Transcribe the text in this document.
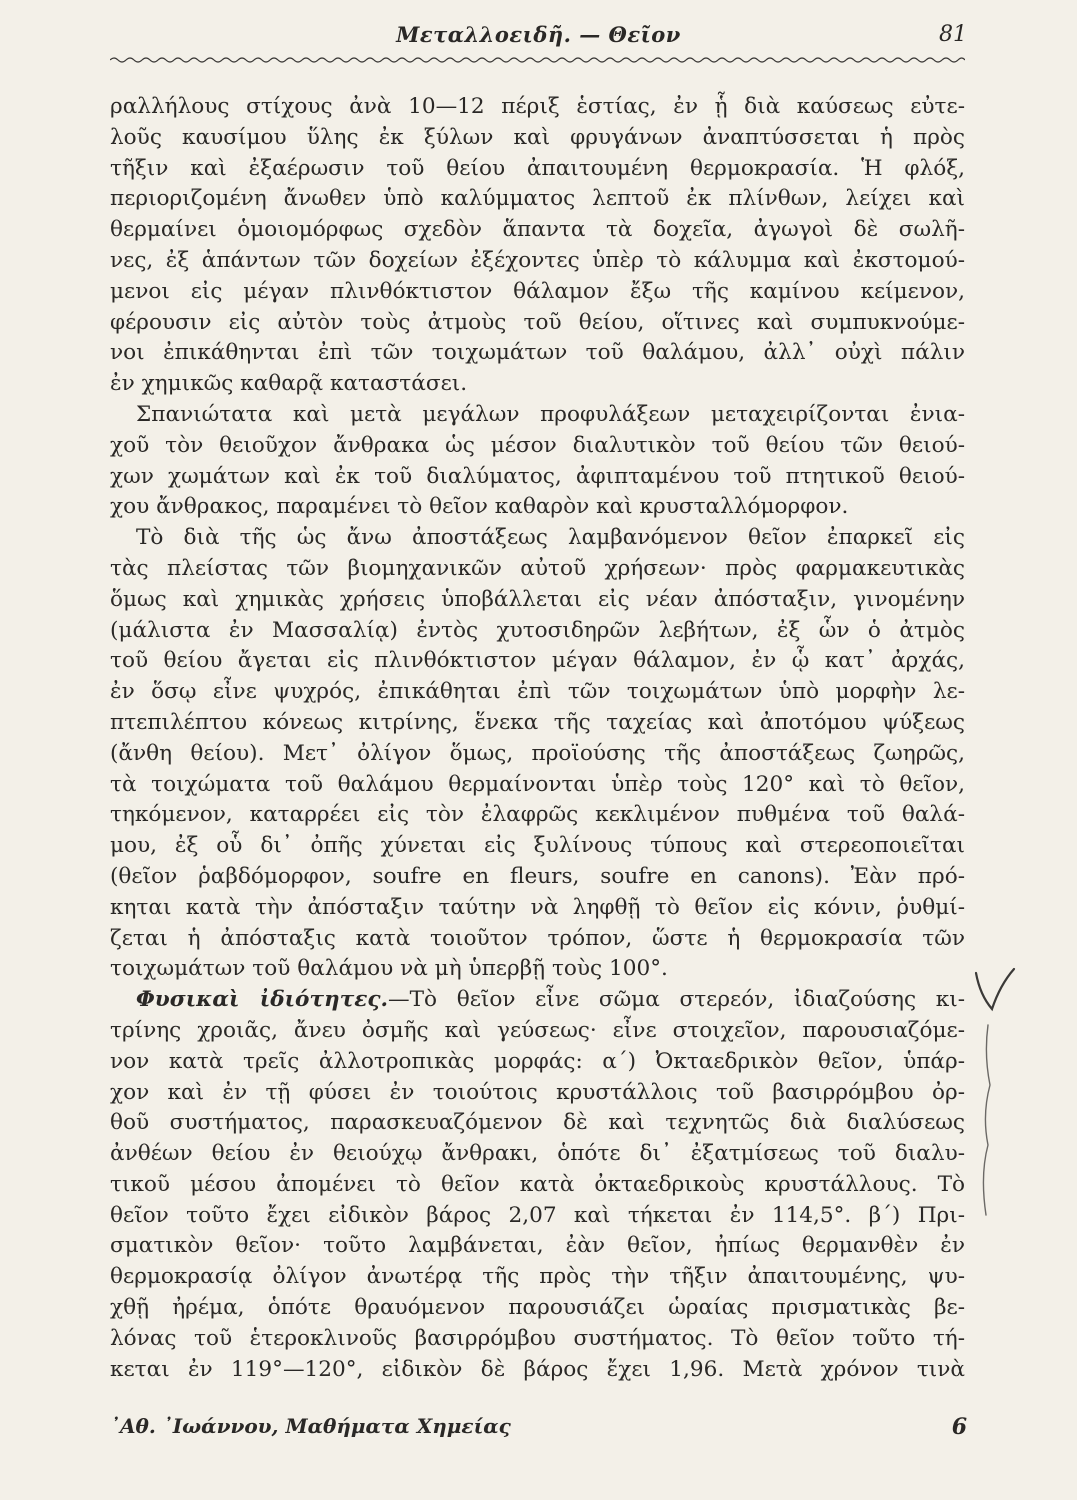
Μεταλλοειδῆ. — Θεῖον	81

ραλλήλους στίχους ἀνὰ 10—12 πέριξ ἑστίας, ἐν ᾗ διὰ καύσεως εὐτε-
λοῦς καυσίμου ὕλης ἐκ ξύλων καὶ φρυγάνων ἀναπτύσσεται ἡ πρὸς
τῆξιν καὶ ἐξαέρωσιν τοῦ θείου ἀπαιτουμένη θερμοκρασία. Ἡ φλόξ,
περιοριζομένη ἄνωθεν ὑπὸ καλύμματος λεπτοῦ ἐκ πλίνθων, λείχει καὶ
θερμαίνει ὁμοιομόρφως σχεδὸν ἅπαντα τὰ δοχεῖα, ἀγωγοὶ δὲ σωλῆ-
νες, ἐξ ἁπάντων τῶν δοχείων ἐξέχοντες ὑπὲρ τὸ κάλυμμα καὶ ἐκστομού-
μενοι εἰς μέγαν πλινθόκτιστον θάλαμον ἔξω τῆς καμίνου κείμενον,
φέρουσιν εἰς αὐτὸν τοὺς ἀτμοὺς τοῦ θείου, οἵτινες καὶ συμπυκνούμε-
νοι ἐπικάθηνται ἐπὶ τῶν τοιχωμάτων τοῦ θαλάμου, ἀλλ᾽ οὐχὶ πάλιν

ἐν χημικῶς καθαρᾷ καταστάσει.

Σπανιώτατα καὶ μετὰ μεγάλων προφυλάξεων μεταχειρίζονται ἐνια-
χοῦ τὸν θειοῦχον ἄνθρακα ὡς μέσον διαλυτικὸν τοῦ θείου τῶν θειού-
χων χωμάτων καὶ ἐκ τοῦ διαλύματος, ἀφιπταμένου τοῦ πτητικοῦ θειού-

χου ἄνθρακος, παραμένει τὸ θεῖον καθαρὸν καὶ κρυσταλλόμορφον.

Τὸ διὰ τῆς ὡς ἄνω ἀποστάξεως λαμβανόμενον θεῖον ἐπαρκεῖ εἰς
τὰς πλείστας τῶν βιομηχανικῶν αὐτοῦ χρήσεων· πρὸς φαρμακευτικὰς
ὅμως καὶ χημικὰς χρήσεις ὑποβάλλεται εἰς νέαν ἀπόσταξιν, γινομένην
(μάλιστα ἐν Μασσαλίᾳ) ἐντὸς χυτοσιδηρῶν λεβήτων, ἐξ ὧν ὁ ἀτμὸς
τοῦ θείου ἄγεται εἰς πλινθόκτιστον μέγαν θάλαμον, ἐν ᾧ κατ᾽ ἀρχάς,
ἐν ὅσῳ εἶνε ψυχρός, ἐπικάθηται ἐπὶ τῶν τοιχωμάτων ὑπὸ μορφὴν λε-
πτεπιλέπτου κόνεως κιτρίνης, ἕνεκα τῆς ταχείας καὶ ἀποτόμου ψύξεως
(ἄνθη θείου). Μετ᾽ ὀλίγον ὅμως, προϊούσης τῆς ἀποστάξεως ζωηρῶς,
τὰ τοιχώματα τοῦ θαλάμου θερμαίνονται ὑπὲρ τοὺς 120° καὶ τὸ θεῖον,
τηκόμενον, καταρρέει εἰς τὸν ἐλαφρῶς κεκλιμένον πυθμένα τοῦ θαλά-
μου, ἐξ οὗ δι᾽ ὀπῆς χύνεται εἰς ξυλίνους τύπους καὶ στερεοποιεῖται
(θεῖον ῥαβδόμορφον, soufre en fleurs, soufre en canons). Ἐὰν πρό-
κηται κατὰ τὴν ἀπόσταξιν ταύτην νὰ ληφθῇ τὸ θεῖον εἰς κόνιν, ῥυθμί-
ζεται ἡ ἀπόσταξις κατὰ τοιοῦτον τρόπον, ὥστε ἡ θερμοκρασία τῶν

τοιχωμάτων τοῦ θαλάμου νὰ μὴ ὑπερβῇ τοὺς 100°.

Φυσικαὶ ἰδιότητες.—Τὸ θεῖον εἶνε σῶμα στερεόν, ἰδιαζούσης κι-
τρίνης χροιᾶς, ἄνευ ὀσμῆς καὶ γεύσεως· εἶνε στοιχεῖον, παρουσιαζόμε-
νον κατὰ τρεῖς ἀλλοτροπικὰς μορφάς: α´) Ὀκταεδρικὸν θεῖον, ὑπάρ-
χον καὶ ἐν τῇ φύσει ἐν τοιούτοις κρυστάλλοις τοῦ βασιρρόμβου ὀρ-
θοῦ συστήματος, παρασκευαζόμενον δὲ καὶ τεχνητῶς διὰ διαλύσεως
ἀνθέων θείου ἐν θειούχῳ ἄνθρακι, ὁπότε δι᾽ ἐξατμίσεως τοῦ διαλυ-
τικοῦ μέσου ἀπομένει τὸ θεῖον κατὰ ὀκταεδρικοὺς κρυστάλλους. Τὸ
θεῖον τοῦτο ἔχει εἰδικὸν βάρος 2,07 καὶ τήκεται ἐν 114,5°. β´) Πρι-
σματικὸν θεῖον· τοῦτο λαμβάνεται, ἐὰν θεῖον, ἠπίως θερμανθὲν ἐν
θερμοκρασίᾳ ὀλίγον ἀνωτέρᾳ τῆς πρὸς τὴν τῆξιν ἀπαιτουμένης, ψυ-
χθῇ ἠρέμα, ὁπότε θραυόμενον παρουσιάζει ὡραίας πρισματικὰς βε-
λόνας τοῦ ἑτεροκλινοῦς βασιρρόμβου συστήματος. Τὸ θεῖον τοῦτο τή-
κεται ἐν 119°—120°, εἰδικὸν δὲ βάρος ἔχει 1,96. Μετὰ χρόνον τινὰ

᾽Αθ. ᾽Ιωάννου, Μαθήματα Χημείας	6
